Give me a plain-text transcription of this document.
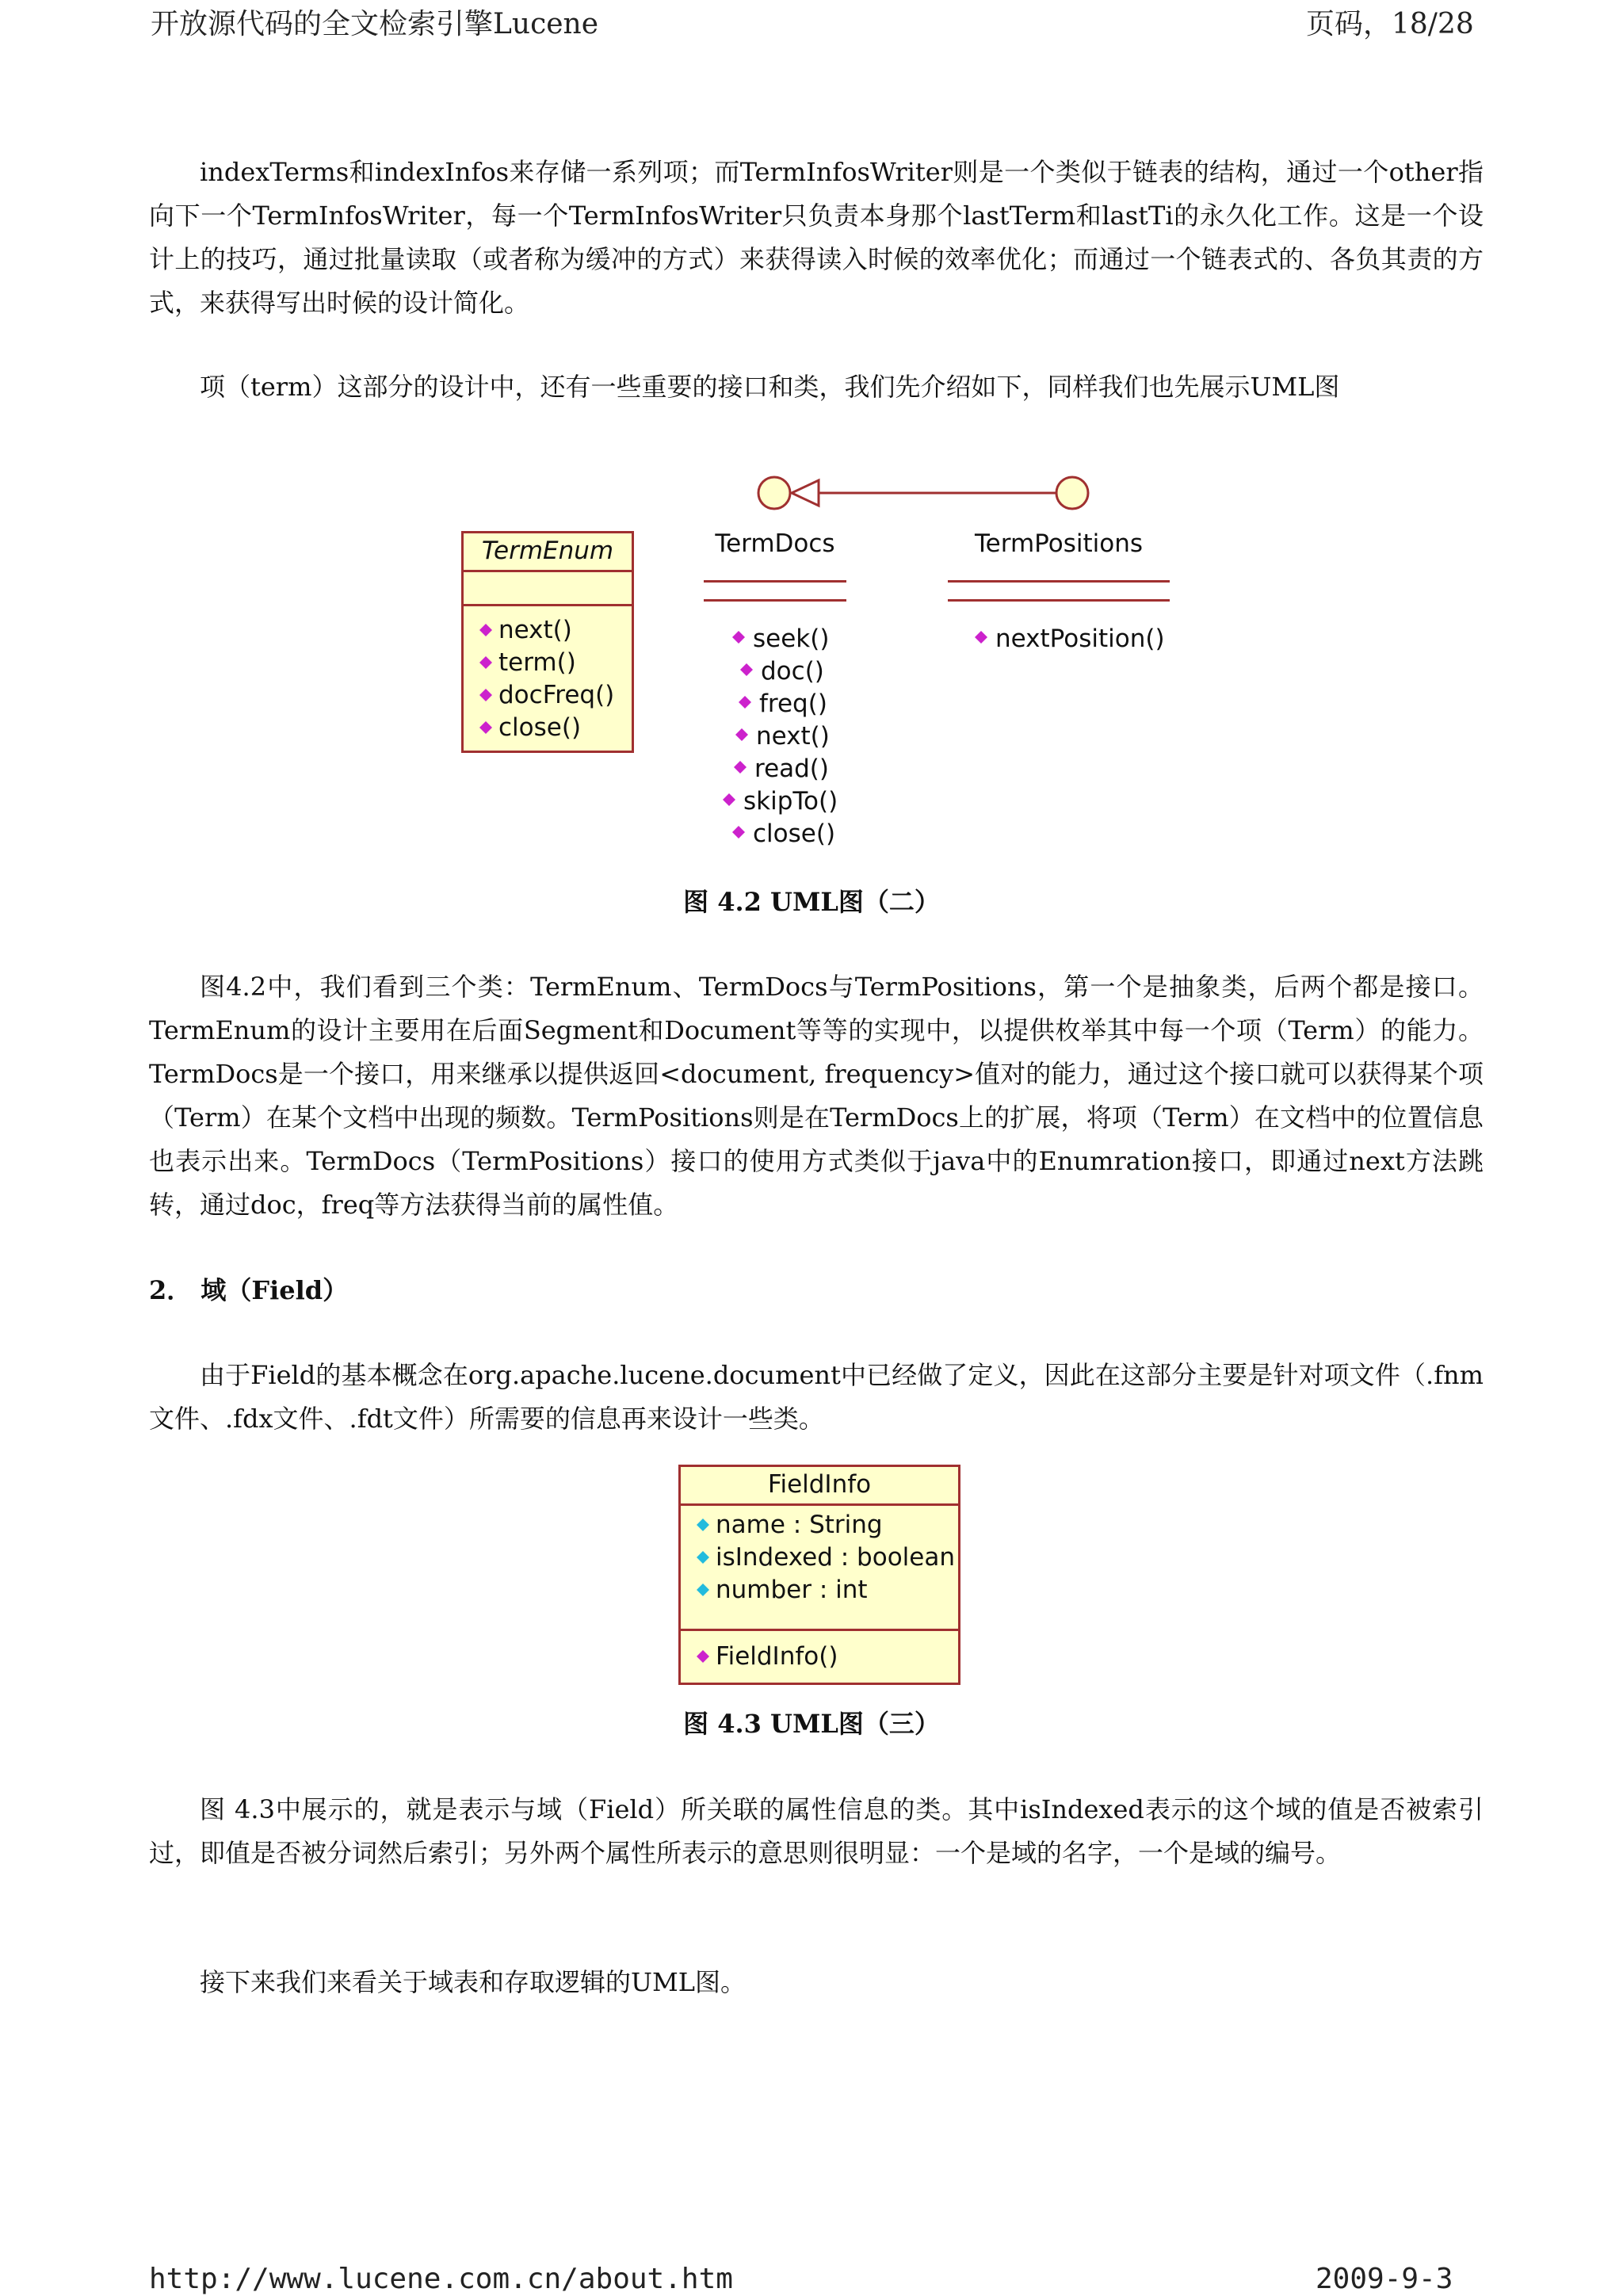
开放源代码的全文检索引擎Lucene	页码，18/28

indexTerms和indexInfos来存储一系列项；而TermInfosWriter则是一个类似于链表的结构，通过一个other指向下一个TermInfosWriter，每一个TermInfosWriter只负责本身那个lastTerm和lastTi的永久化工作。这是一个设计上的技巧，通过批量读取（或者称为缓冲的方式）来获得读入时候的效率优化；而通过一个链表式的、各负其责的方式，来获得写出时候的设计简化。

项（term）这部分的设计中，还有一些重要的接口和类，我们先介绍如下，同样我们也先展示UML图

TermEnum
next()
term()
docFreq()
close()
TermDocs
seek()
doc()
freq()
next()
read()
skipTo()
close()
TermPositions
nextPosition()
图 4.2 UML图（二）

图4.2中，我们看到三个类：TermEnum、TermDocs与TermPositions，第一个是抽象类，后两个都是接口。TermEnum的设计主要用在后面Segment和Document等等的实现中，以提供枚举其中每一个项（Term）的能力。TermDocs是一个接口，用来继承以提供返回<document, frequency>值对的能力，通过这个接口就可以获得某个项（Term）在某个文档中出现的频数。TermPositions则是在TermDocs上的扩展，将项（Term）在文档中的位置信息也表示出来。TermDocs（TermPositions）接口的使用方式类似于java中的Enumration接口，即通过next方法跳转，通过doc，freq等方法获得当前的属性值。

2． 域（Field）

由于Field的基本概念在org.apache.lucene.document中已经做了定义，因此在这部分主要是针对项文件（.fnm文件、.fdx文件、.fdt文件）所需要的信息再来设计一些类。

FieldInfo
name : String
isIndexed : boolean
number : int
FieldInfo()
图 4.3 UML图（三）

图 4.3中展示的，就是表示与域（Field）所关联的属性信息的类。其中isIndexed表示的这个域的值是否被索引过，即值是否被分词然后索引；另外两个属性所表示的意思则很明显：一个是域的名字，一个是域的编号。

接下来我们来看关于域表和存取逻辑的UML图。

http://www.lucene.com.cn/about.htm	2009-9-3
